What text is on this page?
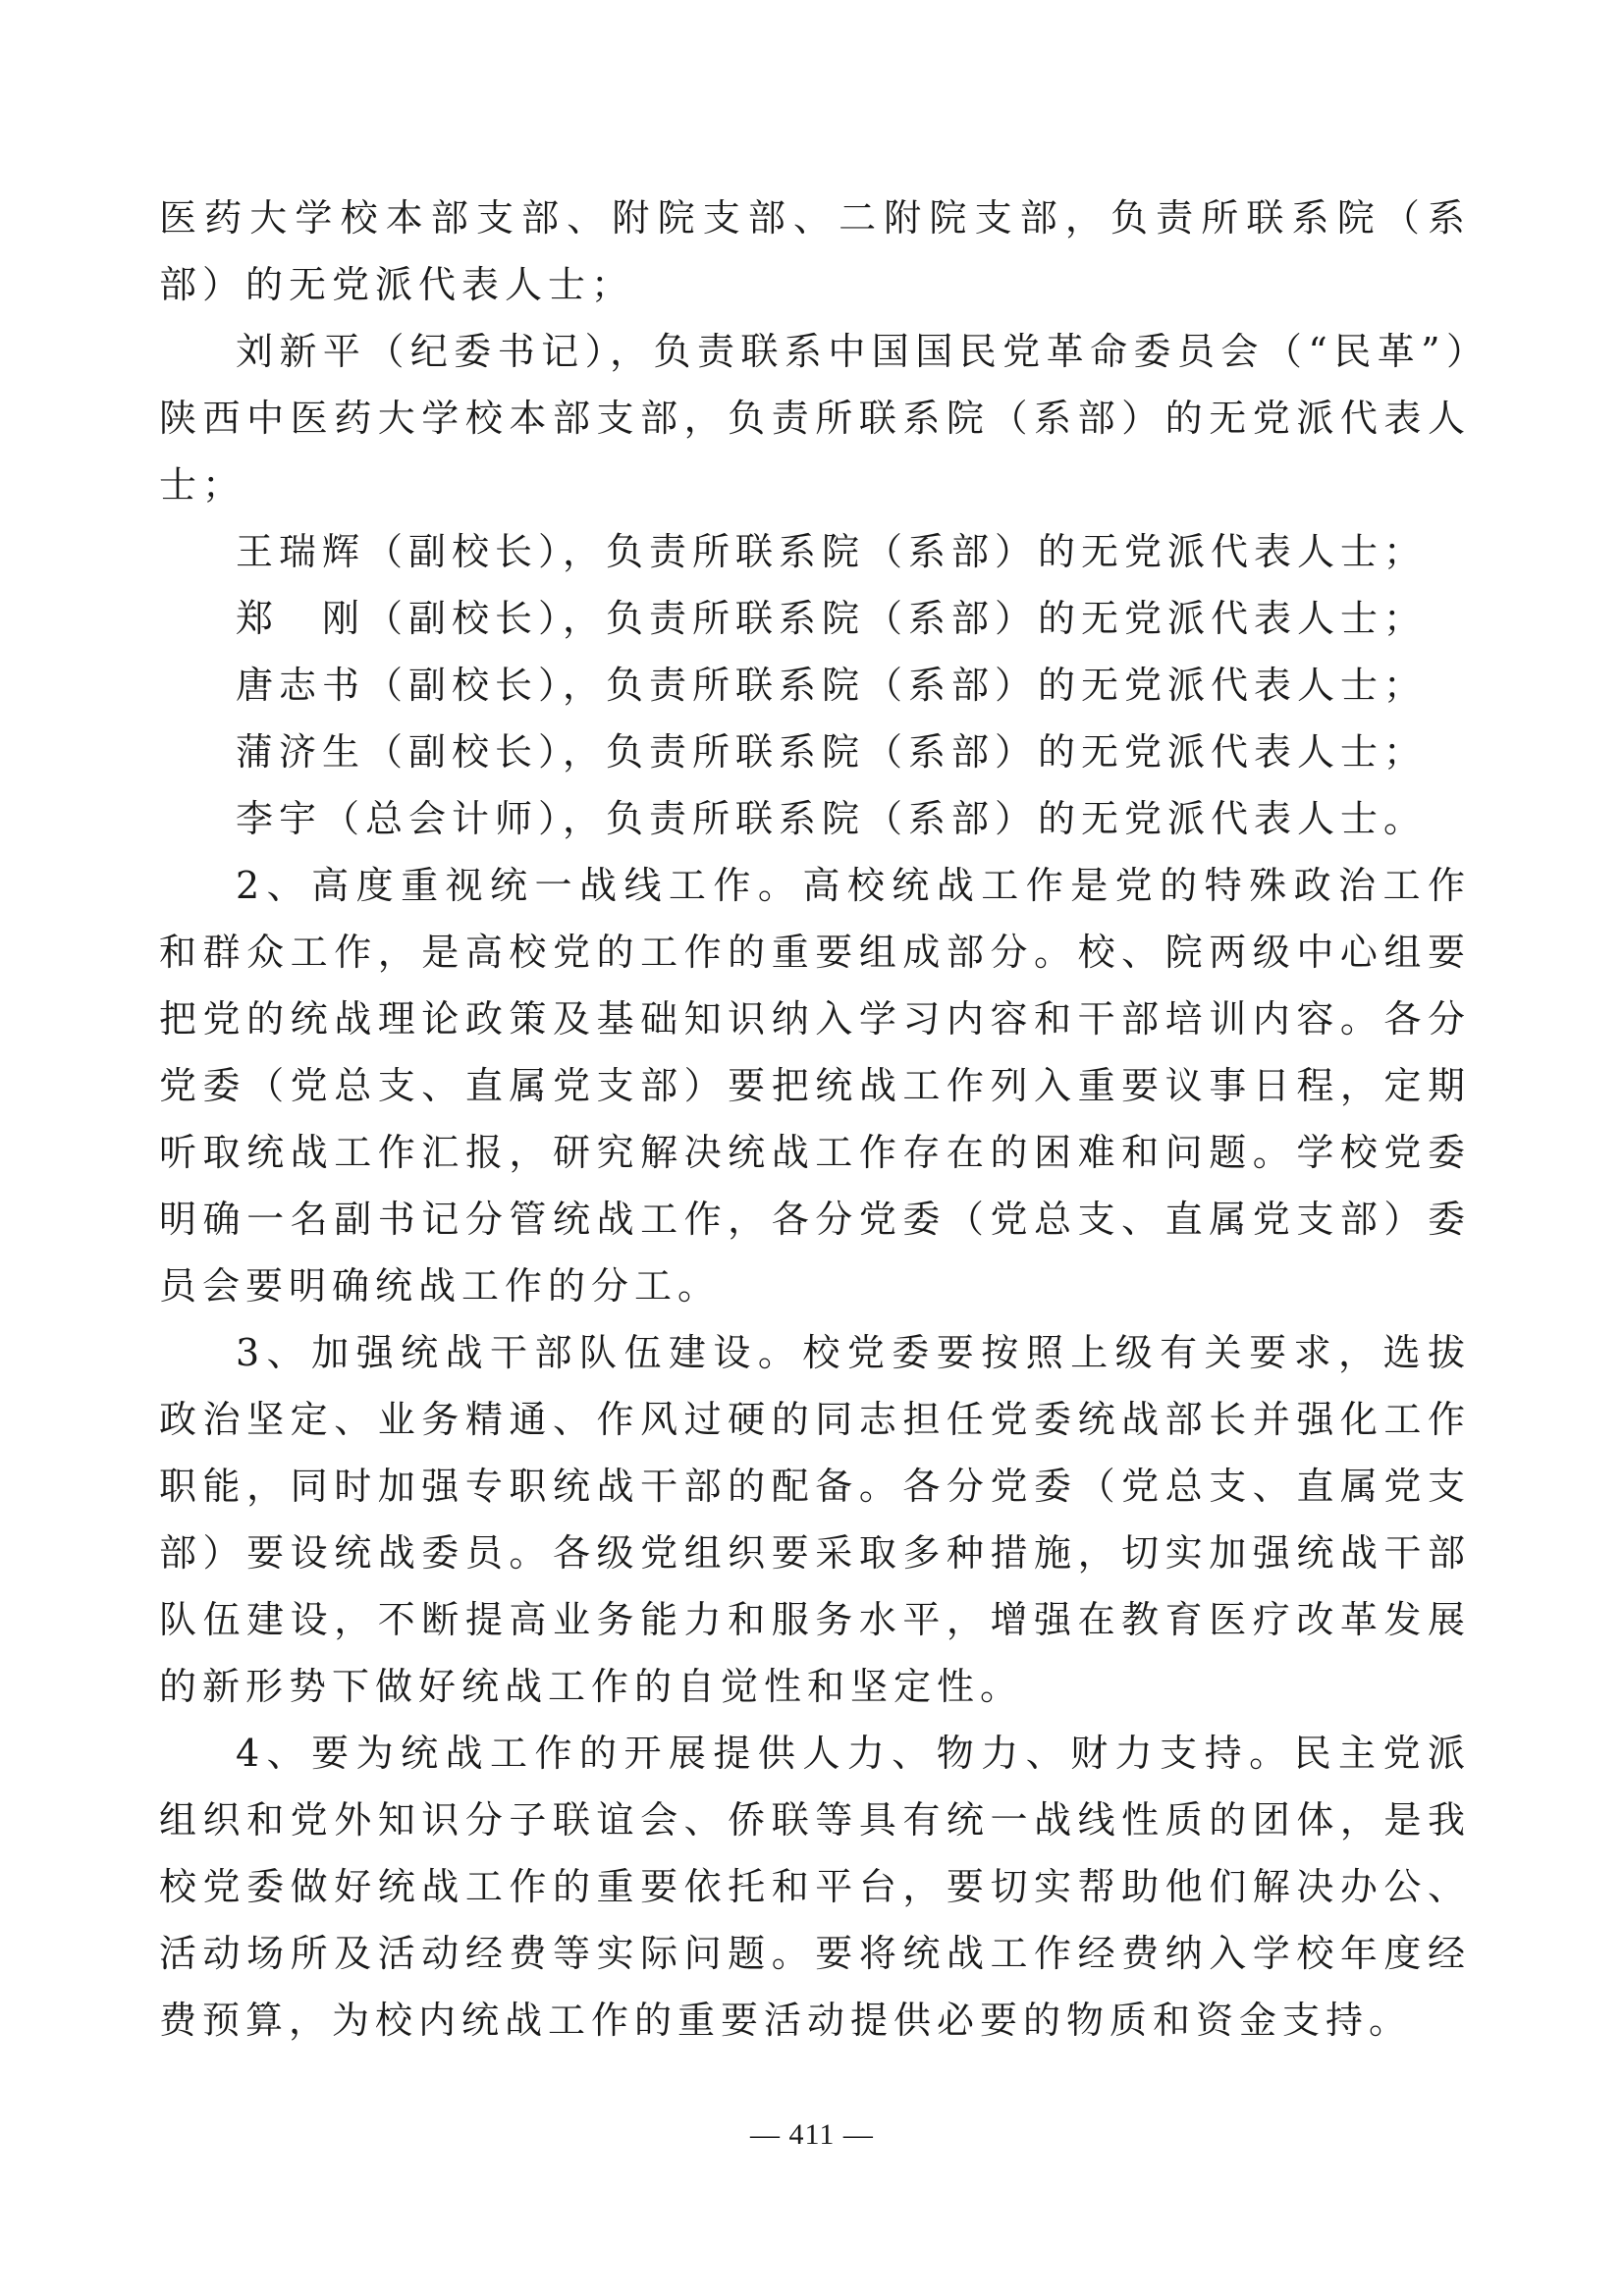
医药大学校本部支部、附院支部、二附院支部，负责所联系院（系部）的无党派代表人士；

刘新平（纪委书记），负责联系中国国民党革命委员会（“民革”）陕西中医药大学校本部支部，负责所联系院（系部）的无党派代表人士；

王瑞辉（副校长），负责所联系院（系部）的无党派代表人士；

郑　刚（副校长），负责所联系院（系部）的无党派代表人士；

唐志书（副校长），负责所联系院（系部）的无党派代表人士；

蒲济生（副校长），负责所联系院（系部）的无党派代表人士；

李宇（总会计师），负责所联系院（系部）的无党派代表人士。

2、高度重视统一战线工作。高校统战工作是党的特殊政治工作和群众工作，是高校党的工作的重要组成部分。校、院两级中心组要把党的统战理论政策及基础知识纳入学习内容和干部培训内容。各分党委（党总支、直属党支部）要把统战工作列入重要议事日程，定期听取统战工作汇报，研究解决统战工作存在的困难和问题。学校党委明确一名副书记分管统战工作，各分党委（党总支、直属党支部）委员会要明确统战工作的分工。

3、加强统战干部队伍建设。校党委要按照上级有关要求，选拔政治坚定、业务精通、作风过硬的同志担任党委统战部长并强化工作职能，同时加强专职统战干部的配备。各分党委（党总支、直属党支部）要设统战委员。各级党组织要采取多种措施，切实加强统战干部队伍建设，不断提高业务能力和服务水平，增强在教育医疗改革发展的新形势下做好统战工作的自觉性和坚定性。

4、要为统战工作的开展提供人力、物力、财力支持。民主党派组织和党外知识分子联谊会、侨联等具有统一战线性质的团体，是我校党委做好统战工作的重要依托和平台，要切实帮助他们解决办公、活动场所及活动经费等实际问题。要将统战工作经费纳入学校年度经费预算，为校内统战工作的重要活动提供必要的物质和资金支持。

— 411 —
